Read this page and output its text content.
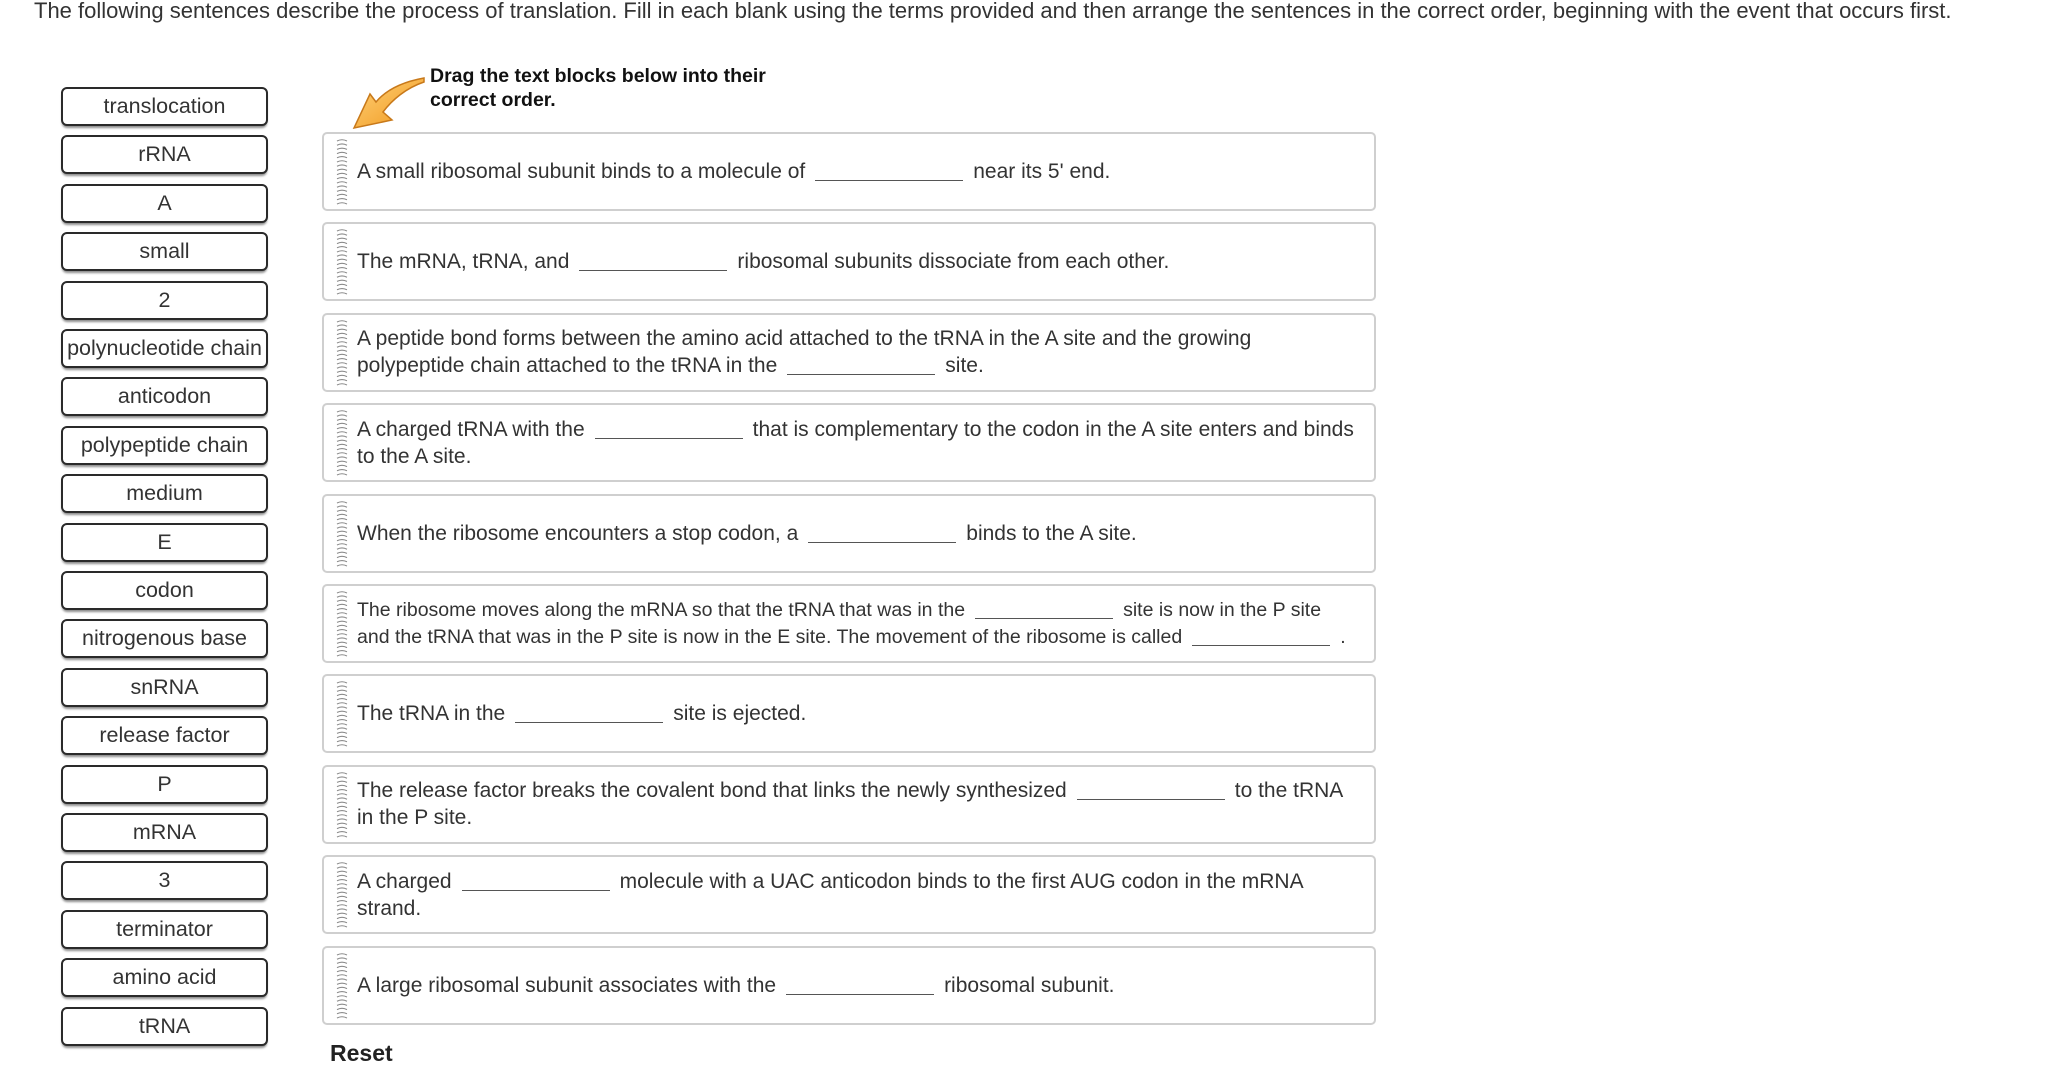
The following sentences describe the process of translation. Fill in each blank using the terms provided and then arrange the sentences in the correct order, beginning with the event that occurs first.
translocation
rRNA
A
small
2
polynucleotide chain
anticodon
polypeptide chain
medium
E
codon
nitrogenous base
snRNA
release factor
P
mRNA
3
terminator
amino acid
tRNA
Drag the text blocks below into their correct order.
A small ribosomal subunit binds to a molecule of	near its 5' end.
The mRNA, tRNA, and	ribosomal subunits dissociate from each other.
A peptide bond forms between the amino acid attached to the tRNA in the A site and the growing polypeptide chain attached to the tRNA in the	site.
A charged tRNA with the	that is complementary to the codon in the A site enters and binds to the A site.
When the ribosome encounters a stop codon, a	binds to the A site.
The ribosome moves along the mRNA so that the tRNA that was in the	site is now in the P site and the tRNA that was in the P site is now in the E site. The movement of the ribosome is called	.
The tRNA in the	site is ejected.
The release factor breaks the covalent bond that links the newly synthesized	to the tRNA in the P site.
A charged	molecule with a UAC anticodon binds to the first AUG codon in the mRNA strand.
A large ribosomal subunit associates with the	ribosomal subunit.
Reset
